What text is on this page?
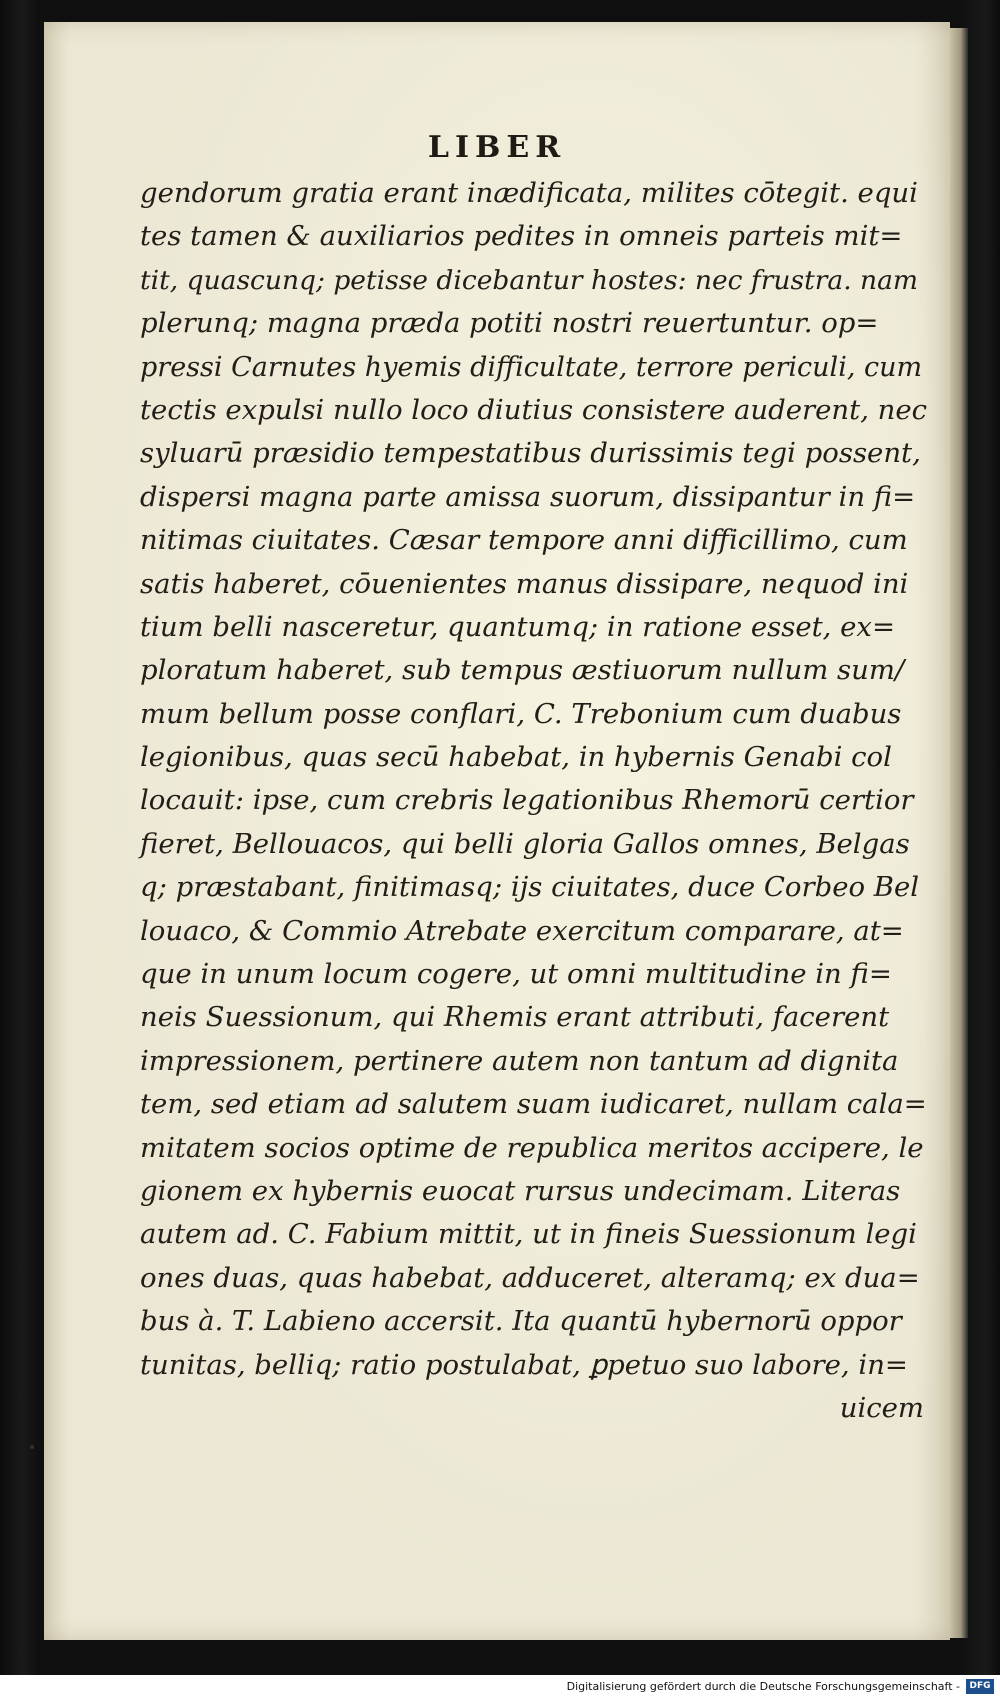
LIBER
gendorum gratia erant inædificata, milites cōtegit. equi
tes tamen & auxiliarios pedites in omneis parteis mit=
tit, quascunq; petisse dicebantur hostes: nec frustra. nam
plerunq; magna præda potiti nostri reuertuntur. op=
pressi Carnutes hyemis difficultate, terrore periculi, cum
tectis expulsi nullo loco diutius consistere auderent, nec
syluarū præsidio tempestatibus durissimis tegi possent,
dispersi magna parte amissa suorum, dissipantur in fi=
nitimas ciuitates. Cæsar tempore anni difficillimo, cum
satis haberet, cōuenientes manus dissipare, nequod ini
tium belli nasceretur, quantumq; in ratione esset, ex=
ploratum haberet, sub tempus æstiuorum nullum sum/
mum bellum posse conflari, C. Trebonium cum duabus
legionibus, quas secū habebat, in hybernis Genabi col
locauit: ipse, cum crebris legationibus Rhemorū certior
fieret, Bellouacos, qui belli gloria Gallos omnes, Belgas
q; præstabant, finitimasq; ijs ciuitates, duce Corbeo Bel
louaco, & Commio Atrebate exercitum comparare, at=
que in unum locum cogere, ut omni multitudine in fi=
neis Suessionum, qui Rhemis erant attributi, facerent
impressionem, pertinere autem non tantum ad dignita
tem, sed etiam ad salutem suam iudicaret, nullam cala=
mitatem socios optime de republica meritos accipere, le
gionem ex hybernis euocat rursus undecimam. Literas
autem ad. C. Fabium mittit, ut in fineis Suessionum legi
ones duas, quas habebat, adduceret, alteramq; ex dua=
bus à. T. Labieno accersit. Ita quantū hybernorū oppor
tunitas, belliq; ratio postulabat, ꝑpetuo suo labore, in=
uicem
Digitalisierung gefördert durch die Deutsche Forschungsgemeinschaft -	DFG
